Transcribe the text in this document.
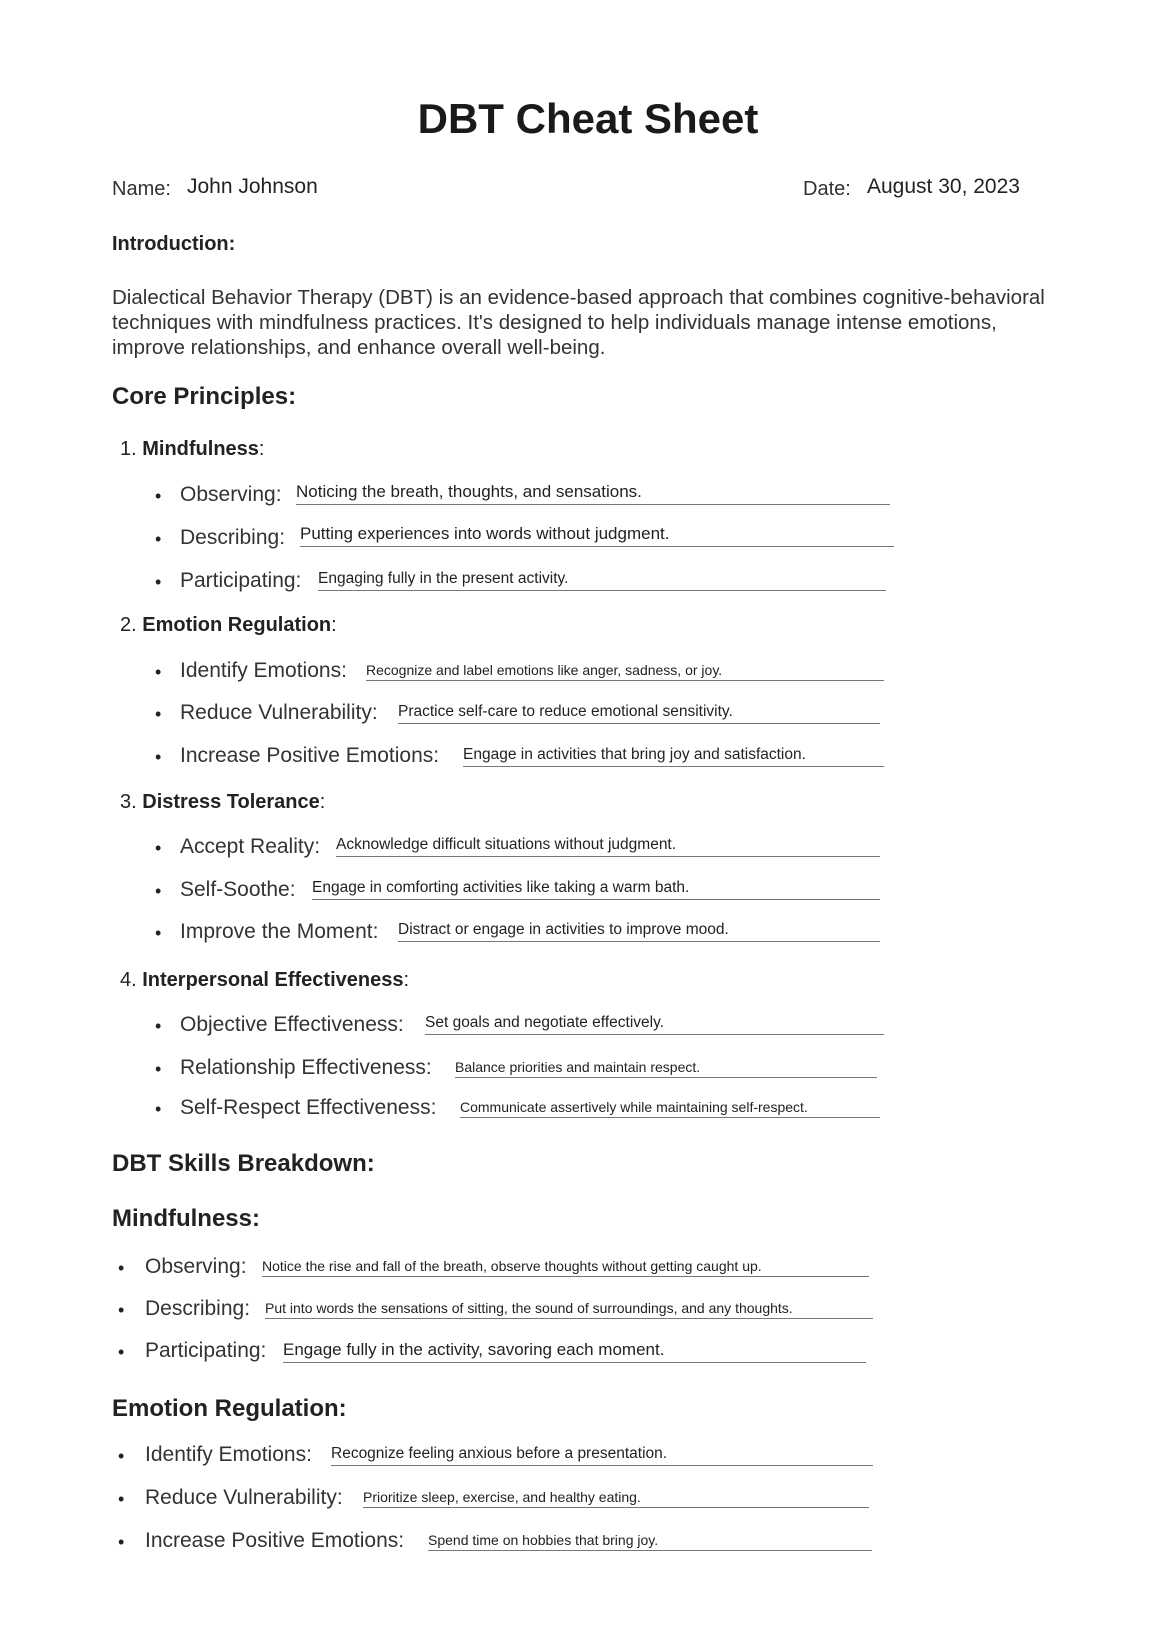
DBT Cheat Sheet
Name: John Johnson	Date: August 30, 2023
Introduction:
Dialectical Behavior Therapy (DBT) is an evidence-based approach that combines cognitive-behavioral techniques with mindfulness practices. It's designed to help individuals manage intense emotions, improve relationships, and enhance overall well-being.
Core Principles:
1. Mindfulness:
• Observing: Noticing the breath, thoughts, and sensations.
• Describing: Putting experiences into words without judgment.
• Participating: Engaging fully in the present activity.
2. Emotion Regulation:
• Identify Emotions: Recognize and label emotions like anger, sadness, or joy.
• Reduce Vulnerability: Practice self-care to reduce emotional sensitivity.
• Increase Positive Emotions: Engage in activities that bring joy and satisfaction.
3. Distress Tolerance:
• Accept Reality: Acknowledge difficult situations without judgment.
• Self-Soothe: Engage in comforting activities like taking a warm bath.
• Improve the Moment: Distract or engage in activities to improve mood.
4. Interpersonal Effectiveness:
• Objective Effectiveness: Set goals and negotiate effectively.
• Relationship Effectiveness: Balance priorities and maintain respect.
• Self-Respect Effectiveness: Communicate assertively while maintaining self-respect.
DBT Skills Breakdown:
Mindfulness:
• Observing: Notice the rise and fall of the breath, observe thoughts without getting caught up.
• Describing: Put into words the sensations of sitting, the sound of surroundings, and any thoughts.
• Participating: Engage fully in the activity, savoring each moment.
Emotion Regulation:
• Identify Emotions: Recognize feeling anxious before a presentation.
• Reduce Vulnerability: Prioritize sleep, exercise, and healthy eating.
• Increase Positive Emotions: Spend time on hobbies that bring joy.
